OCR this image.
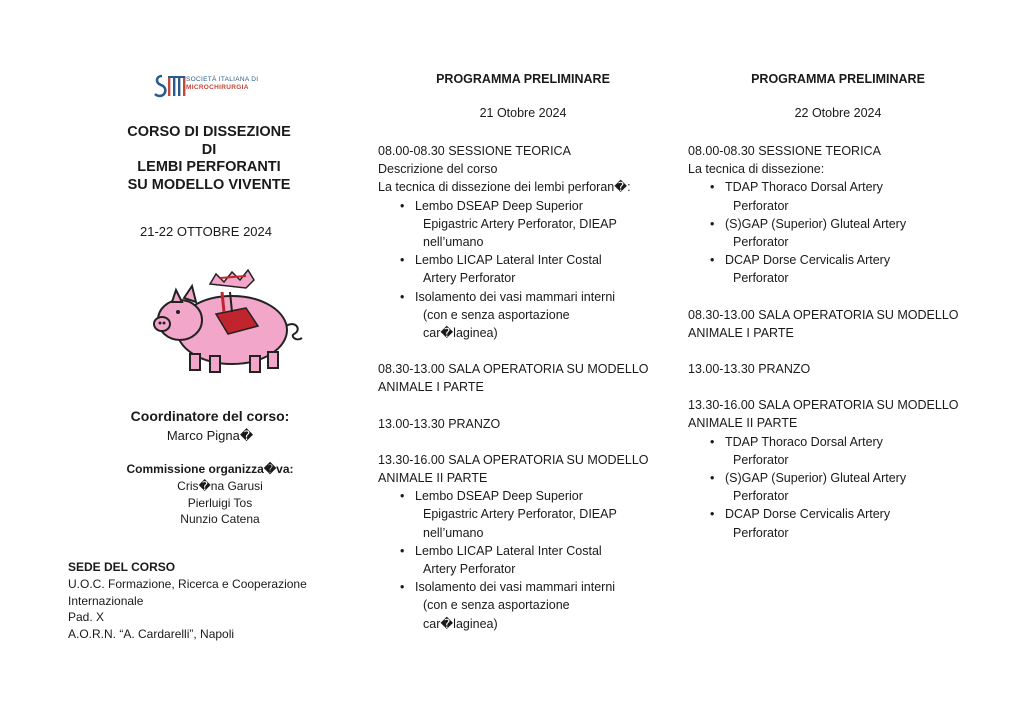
SOCIETÀ ITALIANA DI
MICROCHIRURGIA
CORSO DI DISSEZIONE
DI
LEMBI PERFORANTI
SU MODELLO VIVENTE
21-22 OTTOBRE 2024
Coordinatore del corso:
Marco Pigna�
Commissione organizza�va:
Cris�na Garusi
Pierluigi Tos
Nunzio Catena
SEDE DEL CORSO
U.O.C. Formazione, Ricerca e Cooperazione
Internazionale
Pad. X
A.O.R.N. “A. Cardarelli”, Napoli
PROGRAMMA PRELIMINARE
21 Otobre 2024
08.00-08.30 SESSIONE TEORICA
Descrizione del corso
La tecnica di dissezione dei lembi perforan�:
• Lembo DSEAP Deep Superior
Epigastric Artery Perforator, DIEAP
nell’umano
• Lembo LICAP Lateral Inter Costal
Artery Perforator
• Isolamento dei vasi mammari interni
(con e senza asportazione
car�laginea)
08.30-13.00 SALA OPERATORIA SU MODELLO
ANIMALE I PARTE
13.00-13.30 PRANZO
13.30-16.00 SALA OPERATORIA SU MODELLO
ANIMALE II PARTE
• Lembo DSEAP Deep Superior
Epigastric Artery Perforator, DIEAP
nell’umano
• Lembo LICAP Lateral Inter Costal
Artery Perforator
• Isolamento dei vasi mammari interni
(con e senza asportazione
car�laginea)
PROGRAMMA PRELIMINARE
22 Otobre 2024
08.00-08.30 SESSIONE TEORICA
La tecnica di dissezione:
• TDAP Thoraco Dorsal Artery
Perforator
• (S)GAP (Superior) Gluteal Artery
Perforator
• DCAP Dorse Cervicalis Artery
Perforator
08.30-13.00 SALA OPERATORIA SU MODELLO
ANIMALE I PARTE
13.00-13.30 PRANZO
13.30-16.00 SALA OPERATORIA SU MODELLO
ANIMALE II PARTE
• TDAP Thoraco Dorsal Artery
Perforator
• (S)GAP (Superior) Gluteal Artery
Perforator
• DCAP Dorse Cervicalis Artery
Perforator
